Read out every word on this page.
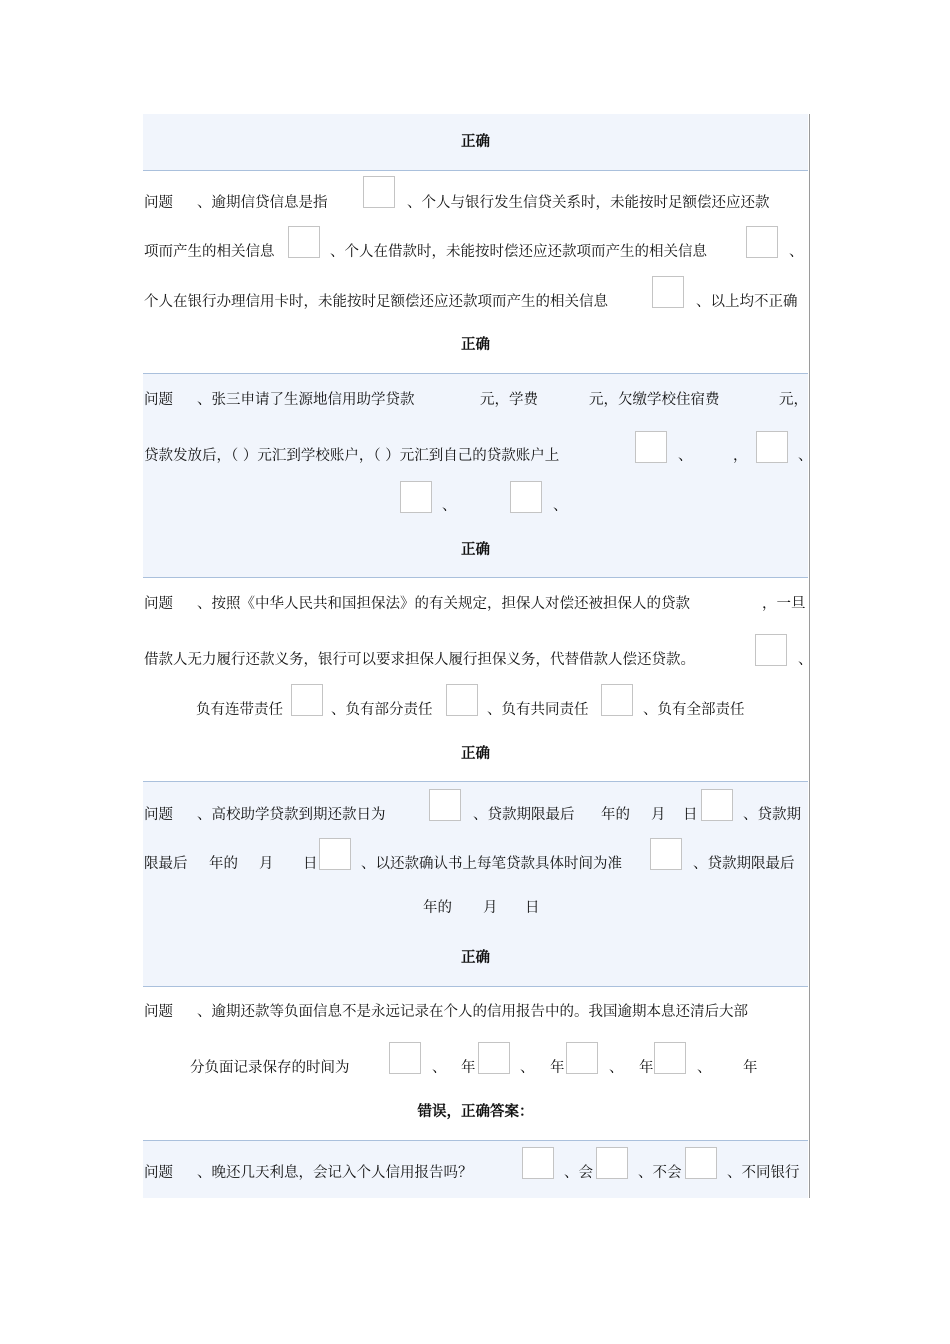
正确
问题 、逾期信贷信息是指	、个人与银行发生信贷关系时，未能按时足额偿还应还款
项而产生的相关信息	、个人在借款时，未能按时偿还应还款项而产生的相关信息	、
个人在银行办理信用卡时，未能按时足额偿还应还款项而产生的相关信息	、以上均不正确
正确
问题 、张三申请了生源地信用助学贷款	元，学费	元，欠缴学校住宿费	元，
贷款发放后，（ ）元汇到学校账户，（ ）元汇到自己的贷款账户上	、	，	、
、	、
正确
问题 、按照《中华人民共和国担保法》的有关规定，担保人对偿还被担保人的贷款	，一旦
借款人无力履行还款义务，银行可以要求担保人履行担保义务，代替借款人偿还贷款。	、
负有连带责任	、负有部分责任	、负有共同责任	、负有全部责任
正确
问题 、高校助学贷款到期还款日为	、贷款期限最后 年的 月 日	、贷款期
限最后 年的 月 日	、以还款确认书上每笔贷款具体时间为准	、贷款期限最后
年的 月 日
正确
问题 、逾期还款等负面信息不是永远记录在个人的信用报告中的。我国逾期本息还清后大部
分负面记录保存的时间为	、 年	、 年	、 年	、 年
错误，正确答案：
问题 、晚还几天利息，会记入个人信用报告吗？	、会	、不会	、不同银行
